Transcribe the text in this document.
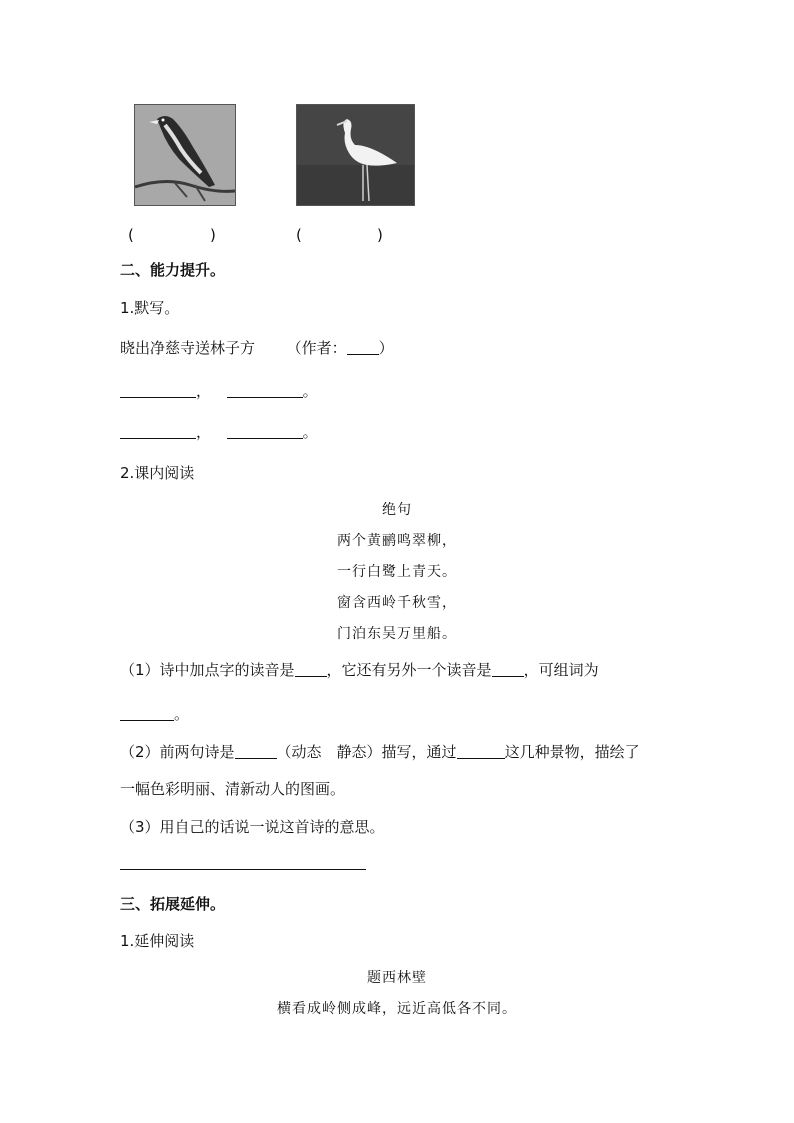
(	)	(	)
二、能力提升。
1.默写。
晓出净慈寺送林子方 （作者： ）
，	。
，	。
2.课内阅读
绝句
两个黄鹂鸣翠柳，
一行白鹭上青天。
窗含西岭千秋雪，
门泊东吴万里船。
（1）诗中加点字的读音是 ，它还有另外一个读音是 ，可组词为
。
（2）前两句诗是	（动态　静态）描写，通过	这几种景物，描绘了
一幅色彩明丽、清新动人的图画。
（3）用自己的话说一说这首诗的意思。
三、拓展延伸。
1.延伸阅读
题西林壁
横看成岭侧成峰，远近高低各不同。
